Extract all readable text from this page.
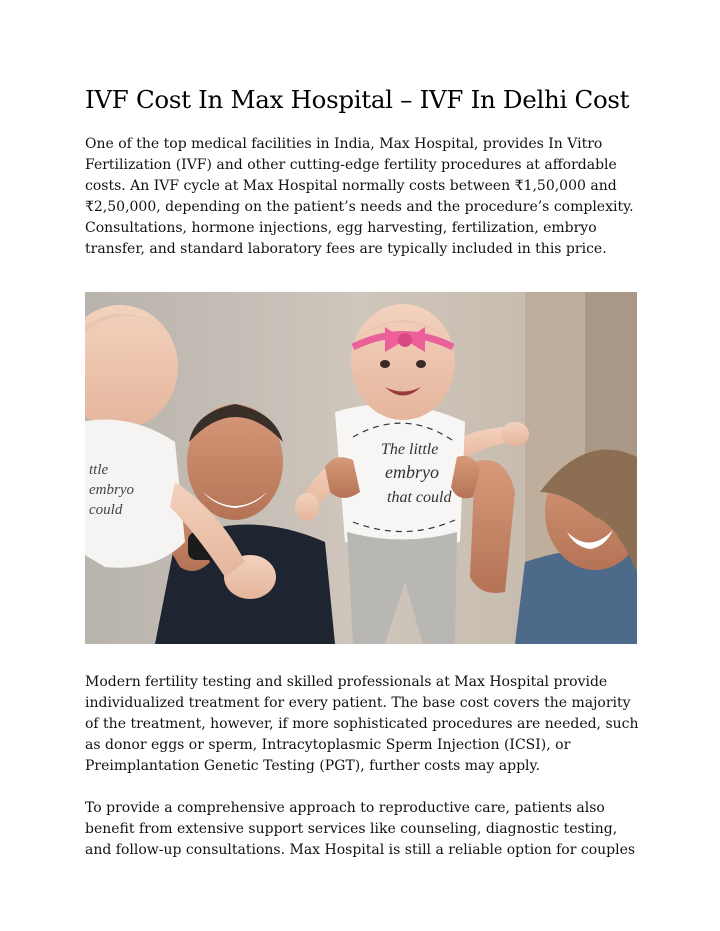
IVF Cost In Max Hospital – IVF In Delhi Cost

One of the top medical facilities in India, Max Hospital, provides In Vitro Fertilization (IVF) and other cutting-edge fertility procedures at affordable costs. An IVF cycle at Max Hospital normally costs between ₹1,50,000 and ₹2,50,000, depending on the patient’s needs and the procedure’s complexity. Consultations, hormone injections, egg harvesting, fertilization, embryo transfer, and standard laboratory fees are typically included in this price.

ttle
embryo
could
The little
embryo
that could

Modern fertility testing and skilled professionals at Max Hospital provide individualized treatment for every patient. The base cost covers the majority of the treatment, however, if more sophisticated procedures are needed, such as donor eggs or sperm, Intracytoplasmic Sperm Injection (ICSI), or Preimplantation Genetic Testing (PGT), further costs may apply.

To provide a comprehensive approach to reproductive care, patients also benefit from extensive support services like counseling, diagnostic testing, and follow-up consultations. Max Hospital is still a reliable option for couples
